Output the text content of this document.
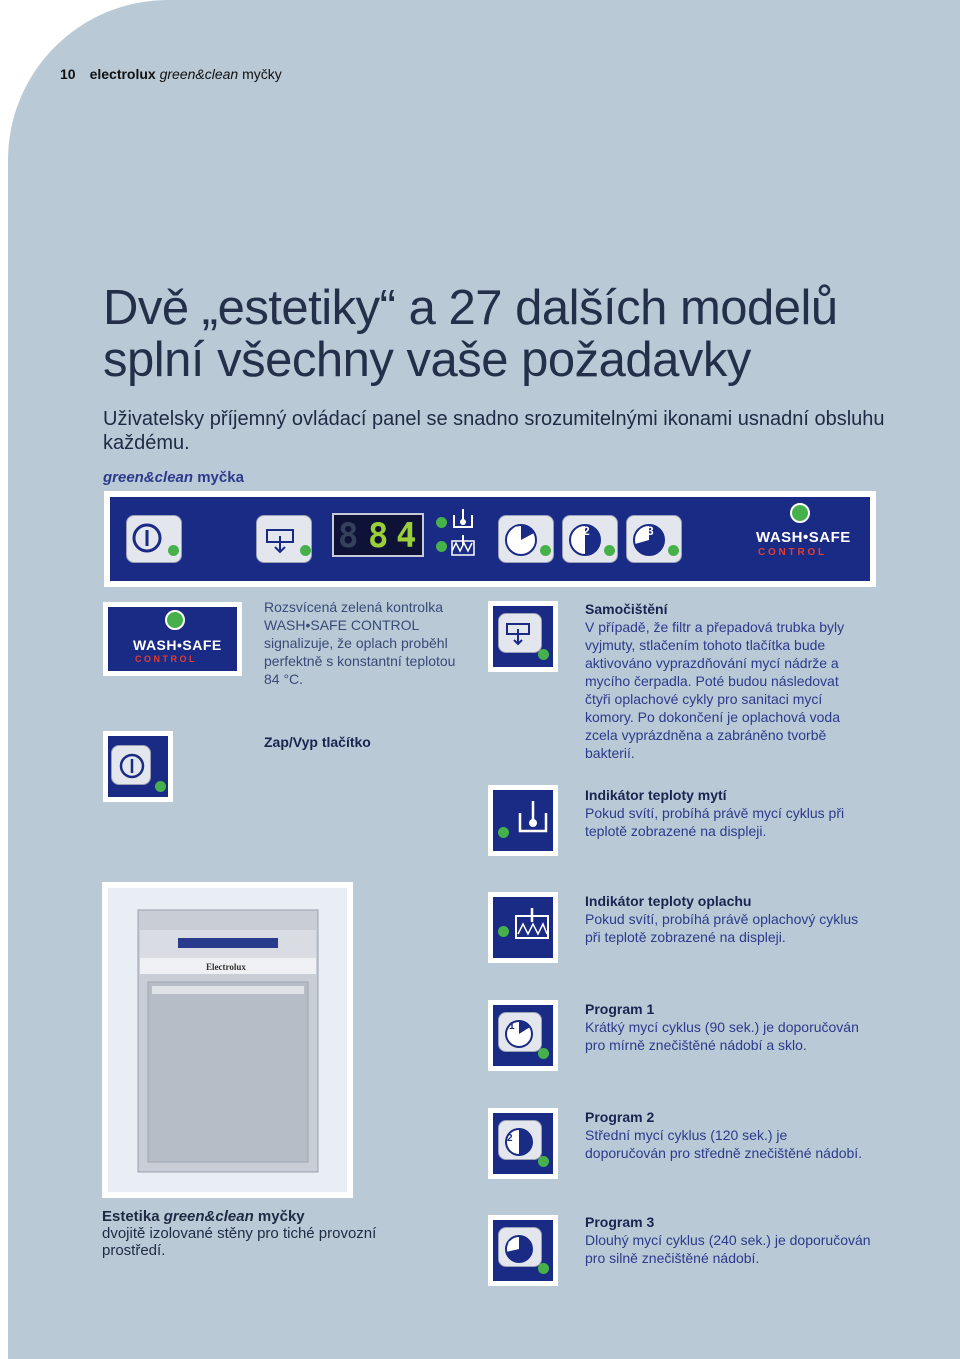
10 electrolux green&clean myčky
Dvě „estetiky“ a 27 dalších modelů
splní všechny vaše požadavky
Uživatelsky příjemný ovládací panel se snadno srozumitelnými ikonami usnadní obsluhu každému.
green&clean myčka
8 8 4	1	2	3	WASH•SAFE
C O N T R O L
WASH•SAFE
C O N T R O L
Rozsvícená zelená kontrolka WASH•SAFE CONTROL signalizuje, že oplach proběhl perfektně s konstantní teplotou 84 °C.
Zap/Vyp tlačítko
Samočištění
V případě, že filtr a přepadová trubka byly vyjmuty, stlačením tohoto tlačítka bude aktivováno vyprazdňování mycí nádrže a mycího čerpadla. Poté budou následovat čtyři oplachové cykly pro sanitaci mycí komory. Po dokončení je oplachová voda zcela vyprázdněna a zabráněno tvorbě bakterií.
Indikátor teploty mytí
Pokud svítí, probíhá právě mycí cyklus při teplotě zobrazené na displeji.
Electrolux
Indikátor teploty oplachu
Pokud svítí, probíhá právě oplachový cyklus při teplotě zobrazené na displeji.
1
Program 1
Krátký mycí cyklus (90 sek.) je doporučován pro mírně znečištěné nádobí a sklo.
2
Program 2
Střední mycí cyklus (120 sek.) je doporučován pro středně znečištěné nádobí.
3
Program 3
Dlouhý mycí cyklus (240 sek.) je doporučován pro silně znečištěné nádobí.
Estetika green&clean myčky
dvojitě izolované stěny pro tiché provozní prostředí.
